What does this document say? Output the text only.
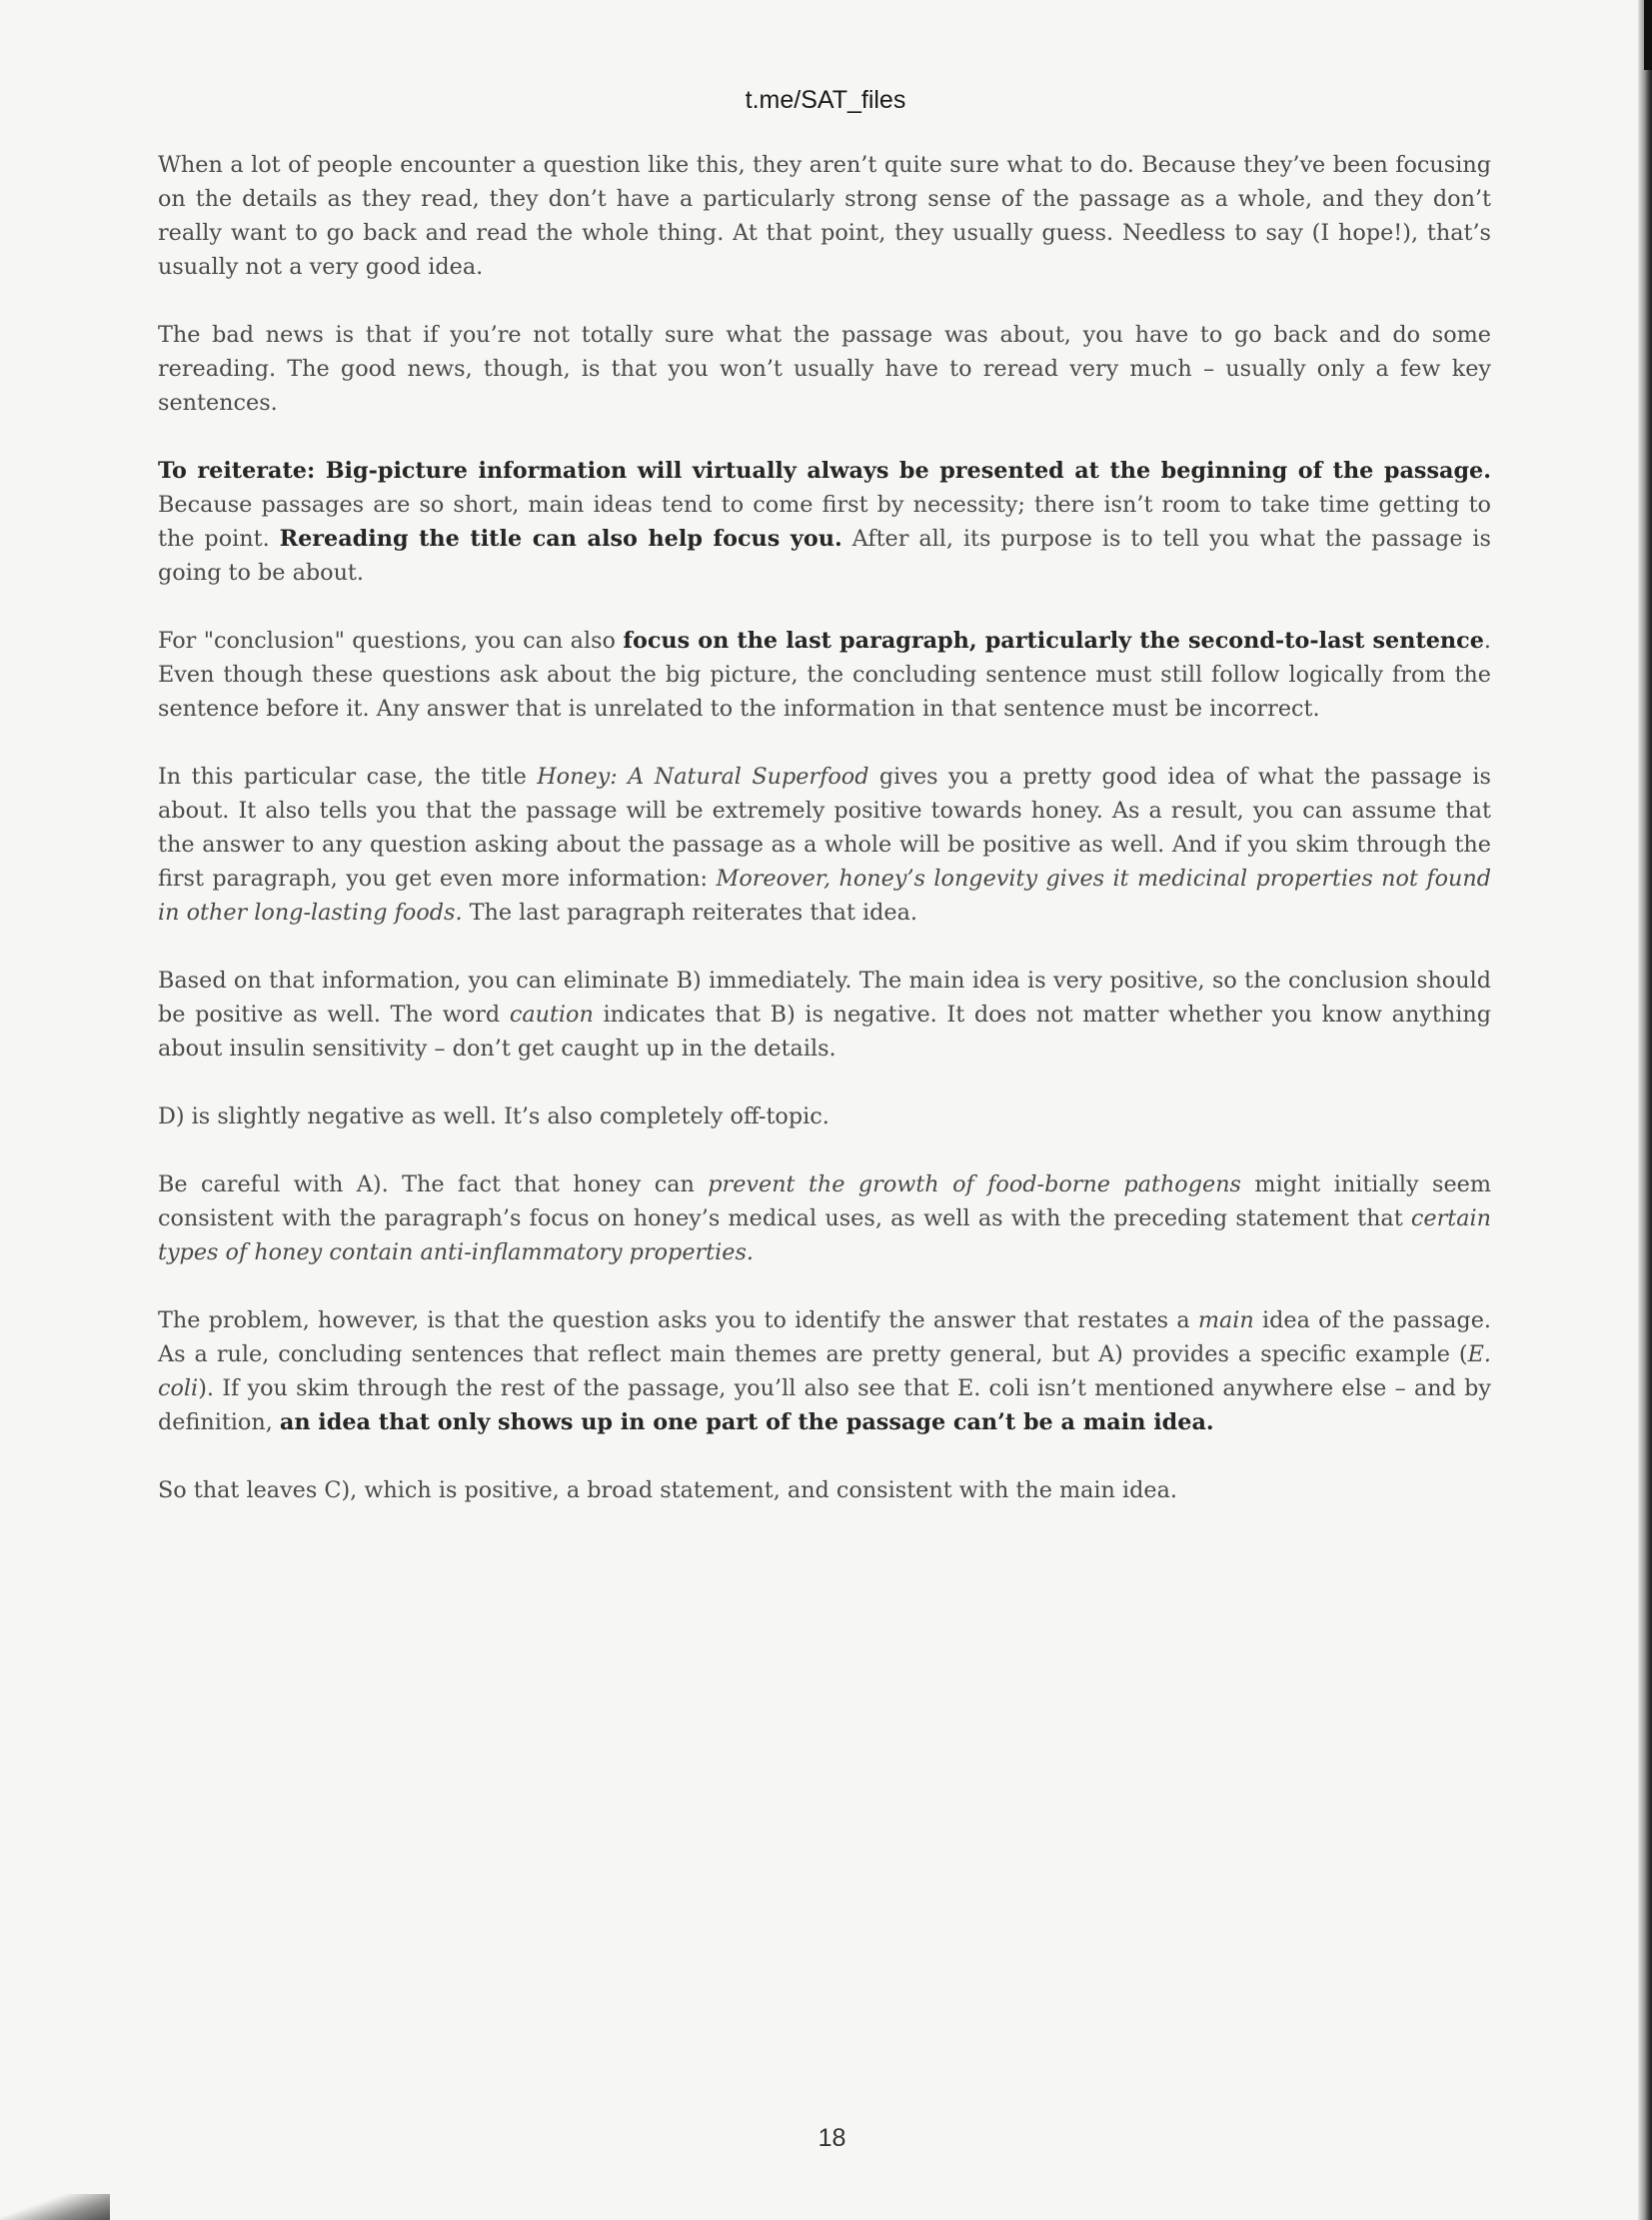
t.me/SAT_files

When a lot of people encounter a question like this, they aren’t quite sure what to do. Because they’ve been focusing on the details as they read, they don’t have a particularly strong sense of the passage as a whole, and they don’t really want to go back and read the whole thing. At that point, they usually guess. Needless to say (I hope!), that’s usually not a very good idea.

The bad news is that if you’re not totally sure what the passage was about, you have to go back and do some rereading. The good news, though, is that you won’t usually have to reread very much – usually only a few key sentences.

To reiterate: Big-picture information will virtually always be presented at the beginning of the passage. Because passages are so short, main ideas tend to come first by necessity; there isn’t room to take time getting to the point. Rereading the title can also help focus you. After all, its purpose is to tell you what the passage is going to be about.

For "conclusion" questions, you can also focus on the last paragraph, particularly the second-to-last sentence. Even though these questions ask about the big picture, the concluding sentence must still follow logically from the sentence before it. Any answer that is unrelated to the information in that sentence must be incorrect.

In this particular case, the title Honey: A Natural Superfood gives you a pretty good idea of what the passage is about. It also tells you that the passage will be extremely positive towards honey. As a result, you can assume that the answer to any question asking about the passage as a whole will be positive as well. And if you skim through the first paragraph, you get even more information: Moreover, honey’s longevity gives it medicinal properties not found in other long-lasting foods. The last paragraph reiterates that idea.

Based on that information, you can eliminate B) immediately. The main idea is very positive, so the conclusion should be positive as well. The word caution indicates that B) is negative. It does not matter whether you know anything about insulin sensitivity – don’t get caught up in the details.

D) is slightly negative as well. It’s also completely off-topic.

Be careful with A). The fact that honey can prevent the growth of food-borne pathogens might initially seem consistent with the paragraph’s focus on honey’s medical uses, as well as with the preceding statement that certain types of honey contain anti-inflammatory properties.

The problem, however, is that the question asks you to identify the answer that restates a main idea of the passage. As a rule, concluding sentences that reflect main themes are pretty general, but A) provides a specific example (E. coli). If you skim through the rest of the passage, you’ll also see that E. coli isn’t mentioned anywhere else – and by definition, an idea that only shows up in one part of the passage can’t be a main idea.

So that leaves C), which is positive, a broad statement, and consistent with the main idea.

18
